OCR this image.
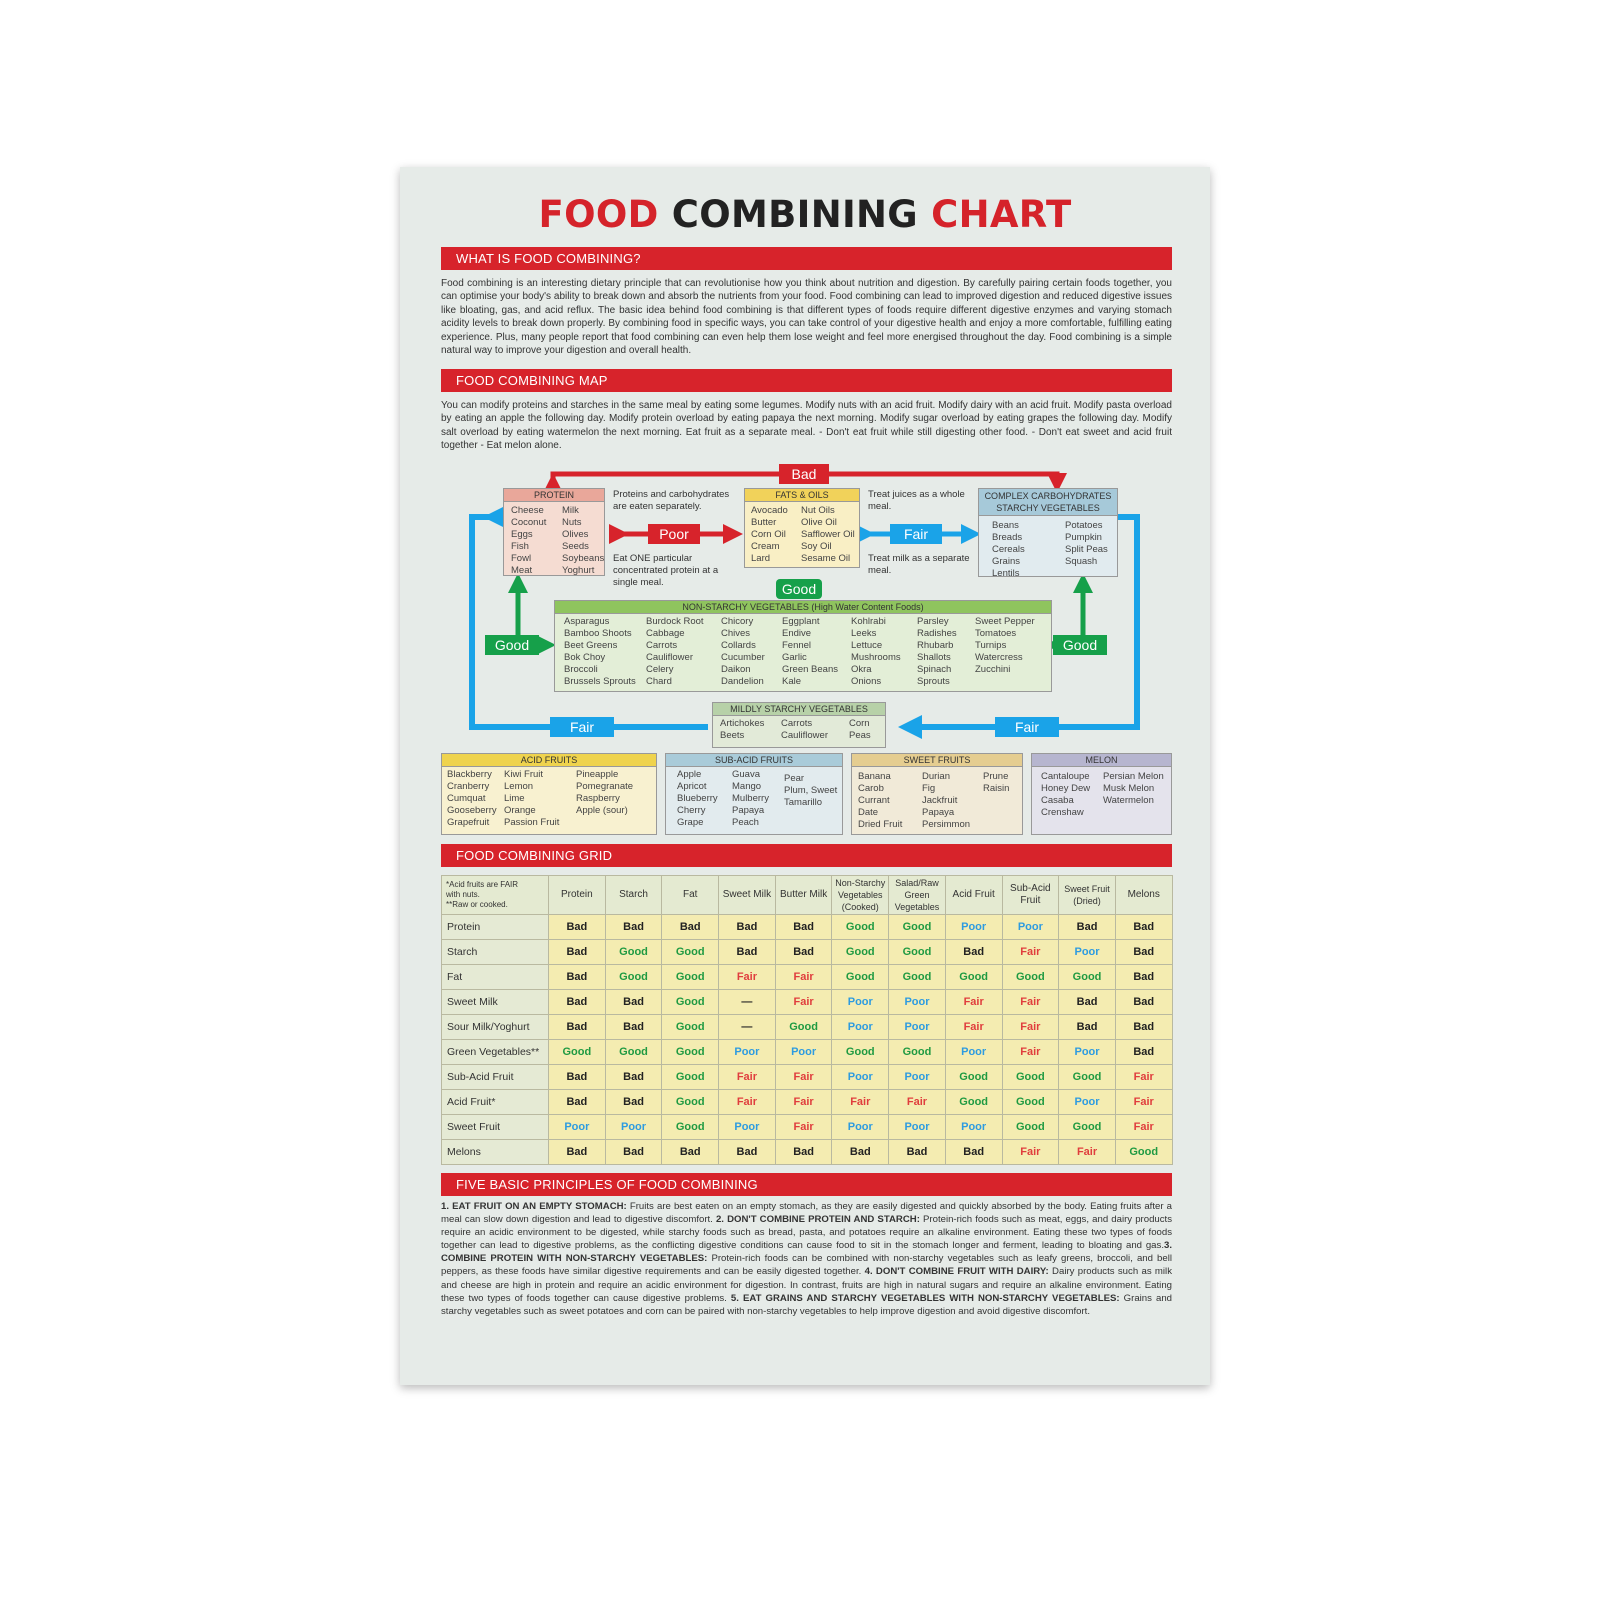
FOOD COMBINING CHART
WHAT IS FOOD COMBINING?

Food combining is an interesting dietary principle that can revolutionise how you think about nutrition and digestion. By carefully pairing certain foods together, you can optimise your body's ability to break down and absorb the nutrients from your food. Food combining can lead to improved digestion and reduced digestive issues like bloating, gas, and acid reflux. The basic idea behind food combining is that different types of foods require different digestive enzymes and varying stomach acidity levels to break down properly. By combining food in specific ways, you can take control of your digestive health and enjoy a more comfortable, fulfilling eating experience. Plus, many people report that food combining can even help them lose weight and feel more energised throughout the day. Food combining is a simple natural way to improve your digestion and overall health.

FOOD COMBINING MAP

You can modify proteins and starches in the same meal by eating some legumes. Modify nuts with an acid fruit. Modify dairy with an acid fruit. Modify pasta overload by eating an apple the following day. Modify protein overload by eating papaya the next morning. Modify sugar overload by eating grapes the following day. Modify salt overload by eating watermelon the next morning. Eat fruit as a separate meal. - Don't eat fruit while still digesting other food. - Don't eat sweet and acid fruit together - Eat melon alone.

Bad
Poor	Fair
Good
Good	Good
Fair	Fair
PROTEIN
Cheese
Coconut
Eggs
Fish
Fowl
Meat
Milk
Nuts
Olives
Seeds
Soybeans
Yoghurt
Proteins and carbohydrates are eaten separately.
Eat ONE particular concentrated protein at a single meal.
FATS & OILS
Avocado
Butter
Corn Oil
Cream
Lard
Nut Oils
Olive Oil
Safflower Oil
Soy Oil
Sesame Oil
Treat juices as a whole meal.
Treat milk as a separate meal.
COMPLEX CARBOHYDRATES
STARCHY VEGETABLES
Beans
Breads
Cereals
Grains
Lentils
Potatoes
Pumpkin
Split Peas
Squash
NON-STARCHY VEGETABLES (High Water Content Foods)
Asparagus
Bamboo Shoots
Beet Greens
Bok Choy
Broccoli
Brussels Sprouts
Burdock Root
Cabbage
Carrots
Cauliflower
Celery
Chard
Chicory
Chives
Collards
Cucumber
Daikon
Dandelion
Eggplant
Endive
Fennel
Garlic
Green Beans
Kale
Kohlrabi
Leeks
Lettuce
Mushrooms
Okra
Onions
Parsley
Radishes
Rhubarb
Shallots
Spinach
Sprouts
Sweet Pepper
Tomatoes
Turnips
Watercress
Zucchini
MILDLY STARCHY VEGETABLES
Artichokes
Beets
Carrots
Cauliflower
Corn
Peas
ACID FRUITS
Blackberry
Cranberry
Cumquat
Gooseberry
Grapefruit
Kiwi Fruit
Lemon
Lime
Orange
Passion Fruit
Pineapple
Pomegranate
Raspberry
Apple (sour)
SUB-ACID FRUITS
Apple
Apricot
Blueberry
Cherry
Grape
Guava
Mango
Mulberry
Papaya
Peach
Pear
Plum, Sweet
Tamarillo
SWEET FRUITS
Banana
Carob
Currant
Date
Dried Fruit
Durian
Fig
Jackfruit
Papaya
Persimmon
Prune
Raisin
MELON
Cantaloupe
Honey Dew
Casaba
Crenshaw
Persian Melon
Musk Melon
Watermelon
FOOD COMBINING GRID
*Acid fruits are FAIR
with nuts.
**Raw or cooked.	Protein	Starch	Fat	Sweet Milk	Butter Milk	Non-Starchy Vegetables (Cooked)	Salad/Raw Green Vegetables	Acid Fruit	Sub-Acid Fruit	Sweet Fruit (Dried)	Melons
Protein	Bad	Bad	Bad	Bad	Bad	Good	Good	Poor	Poor	Bad	Bad
Starch	Bad	Good	Good	Bad	Bad	Good	Good	Bad	Fair	Poor	Bad
Fat	Bad	Good	Good	Fair	Fair	Good	Good	Good	Good	Good	Bad
Sweet Milk	Bad	Bad	Good	—	Fair	Poor	Poor	Fair	Fair	Bad	Bad
Sour Milk/Yoghurt	Bad	Bad	Good	—	Good	Poor	Poor	Fair	Fair	Bad	Bad
Green Vegetables**	Good	Good	Good	Poor	Poor	Good	Good	Poor	Fair	Poor	Bad
Sub-Acid Fruit	Bad	Bad	Good	Fair	Fair	Poor	Poor	Good	Good	Good	Fair
Acid Fruit*	Bad	Bad	Good	Fair	Fair	Fair	Fair	Good	Good	Poor	Fair
Sweet Fruit	Poor	Poor	Good	Poor	Fair	Poor	Poor	Poor	Good	Good	Fair
Melons	Bad	Bad	Bad	Bad	Bad	Bad	Bad	Bad	Fair	Fair	Good
FIVE BASIC PRINCIPLES OF FOOD COMBINING

1. EAT FRUIT ON AN EMPTY STOMACH: Fruits are best eaten on an empty stomach, as they are easily digested and quickly absorbed by the body. Eating fruits after a meal can slow down digestion and lead to digestive discomfort. 2. DON'T COMBINE PROTEIN AND STARCH: Protein-rich foods such as meat, eggs, and dairy products require an acidic environment to be digested, while starchy foods such as bread, pasta, and potatoes require an alkaline environment. Eating these two types of foods together can lead to digestive problems, as the conflicting digestive conditions can cause food to sit in the stomach longer and ferment, leading to bloating and gas.3. COMBINE PROTEIN WITH NON-STARCHY VEGETABLES: Protein-rich foods can be combined with non-starchy vegetables such as leafy greens, broccoli, and bell peppers, as these foods have similar digestive requirements and can be easily digested together. 4. DON'T COMBINE FRUIT WITH DAIRY: Dairy products such as milk and cheese are high in protein and require an acidic environment for digestion. In contrast, fruits are high in natural sugars and require an alkaline environment. Eating these two types of foods together can cause digestive problems. 5. EAT GRAINS AND STARCHY VEGETABLES WITH NON-STARCHY VEGETABLES: Grains and starchy vegetables such as sweet potatoes and corn can be paired with non-starchy vegetables to help improve digestion and avoid digestive discomfort.
